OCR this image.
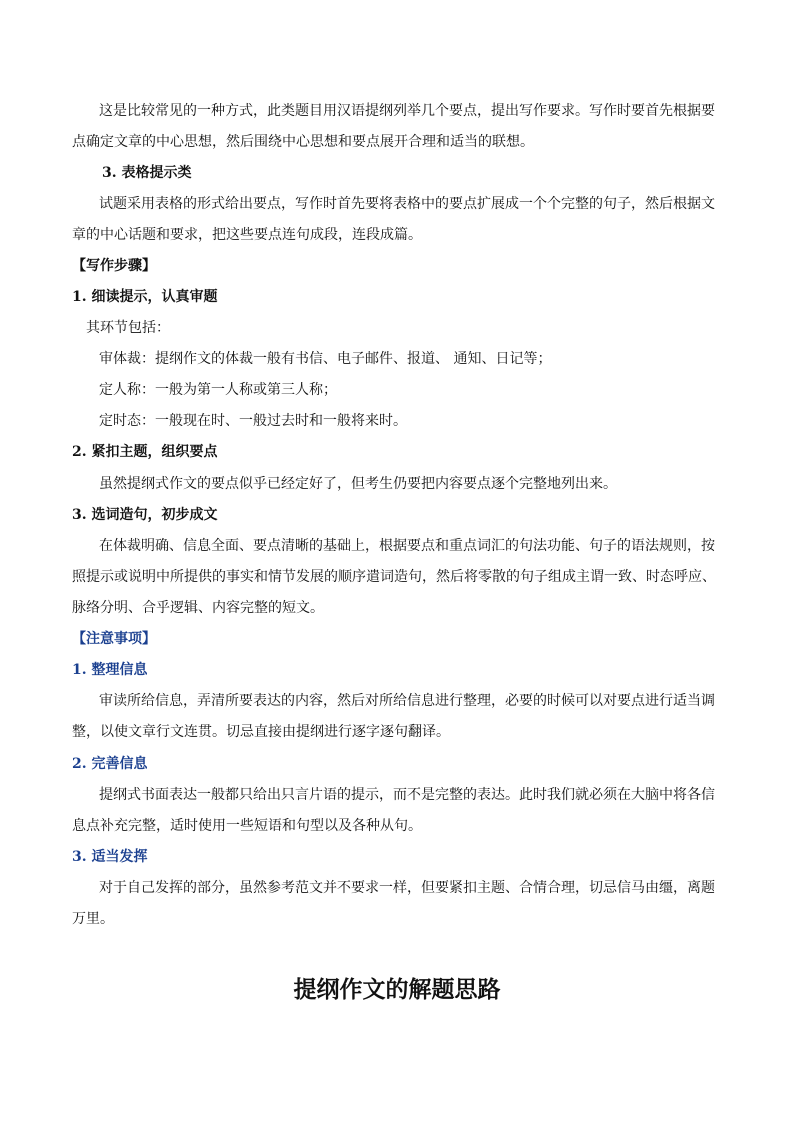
这是比较常见的一种方式，此类题目用汉语提纲列举几个要点，提出写作要求。写作时要首先根据要
点确定文章的中心思想，然后围绕中心思想和要点展开合理和适当的联想。
3. 表格提示类
试题采用表格的形式给出要点，写作时首先要将表格中的要点扩展成一个个完整的句子，然后根据文
章的中心话题和要求，把这些要点连句成段，连段成篇。
【写作步骤】
1. 细读提示，认真审题
其环节包括：
审体裁：提纲作文的体裁一般有书信、电子邮件、报道、 通知、日记等；
定人称：一般为第一人称或第三人称；
定时态：一般现在时、一般过去时和一般将来时。
2. 紧扣主题，组织要点
虽然提纲式作文的要点似乎已经定好了，但考生仍要把内容要点逐个完整地列出来。
3. 选词造句，初步成文
在体裁明确、信息全面、要点清晰的基础上，根据要点和重点词汇的句法功能、句子的语法规则，按
照提示或说明中所提供的事实和情节发展的顺序遣词造句，然后将零散的句子组成主谓一致、时态呼应、
脉络分明、合乎逻辑、内容完整的短文。
【注意事项】
1. 整理信息
审读所给信息，弄清所要表达的内容，然后对所给信息进行整理，必要的时候可以对要点进行适当调
整，以使文章行文连贯。切忌直接由提纲进行逐字逐句翻译。
2. 完善信息
提纲式书面表达一般都只给出只言片语的提示，而不是完整的表达。此时我们就必须在大脑中将各信
息点补充完整，适时使用一些短语和句型以及各种从句。
3. 适当发挥
对于自己发挥的部分，虽然参考范文并不要求一样，但要紧扣主题、合情合理，切忌信马由缰，离题
万里。
提纲作文的解题思路
